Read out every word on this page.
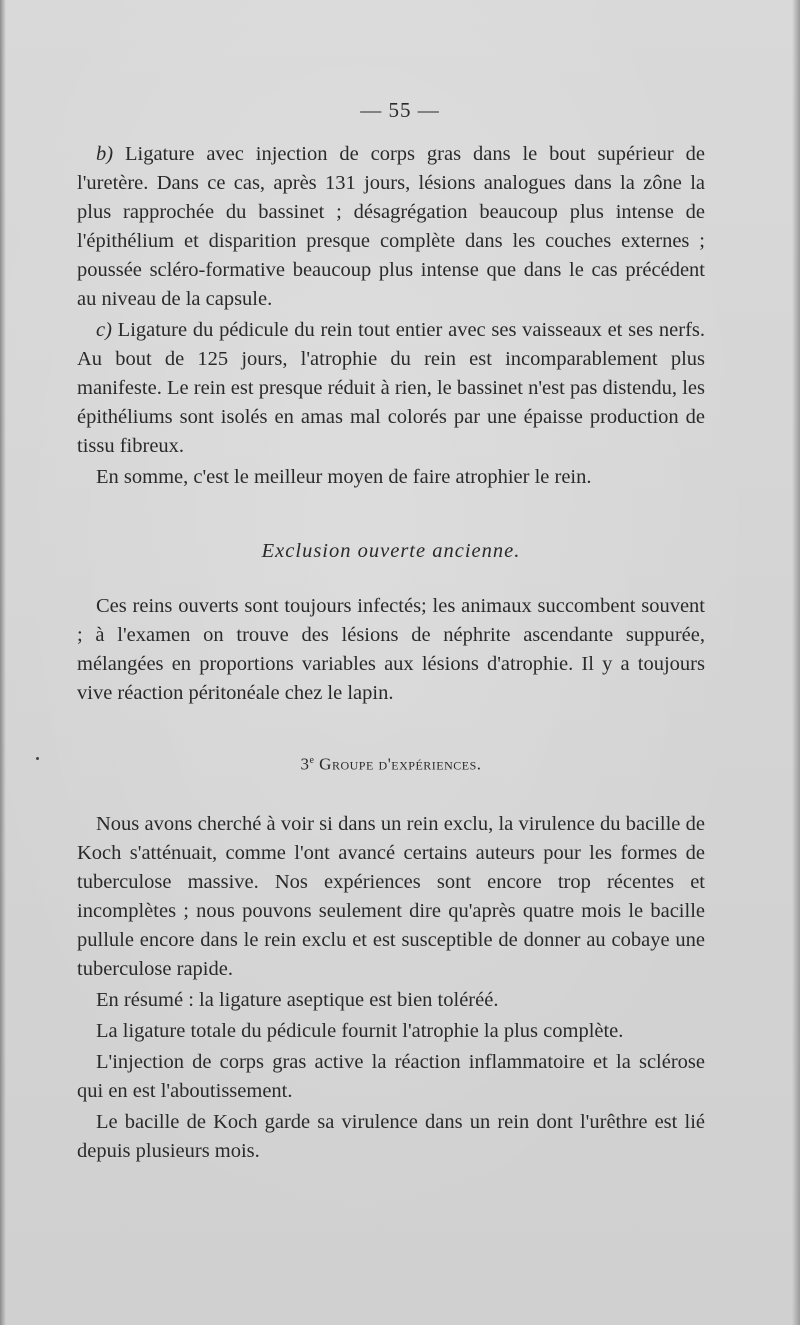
— 55 —

b) Ligature avec injection de corps gras dans le bout supérieur de l'uretère. Dans ce cas, après 131 jours, lésions analogues dans la zône la plus rapprochée du bassinet ; désagrégation beaucoup plus intense de l'épithélium et disparition presque complète dans les couches externes ; poussée scléro-formative beaucoup plus intense que dans le cas précédent au niveau de la capsule.

c) Ligature du pédicule du rein tout entier avec ses vaisseaux et ses nerfs. Au bout de 125 jours, l'atrophie du rein est incomparablement plus manifeste. Le rein est presque réduit à rien, le bassinet n'est pas distendu, les épithéliums sont isolés en amas mal colorés par une épaisse production de tissu fibreux.

En somme, c'est le meilleur moyen de faire atrophier le rein.

Exclusion ouverte ancienne.

Ces reins ouverts sont toujours infectés; les animaux succombent souvent ; à l'examen on trouve des lésions de néphrite ascendante suppurée, mélangées en proportions variables aux lésions d'atrophie. Il y a toujours vive réaction péritonéale chez le lapin.

3e Groupe d'expériences.

Nous avons cherché à voir si dans un rein exclu, la virulence du bacille de Koch s'atténuait, comme l'ont avancé certains auteurs pour les formes de tuberculose massive. Nos expériences sont encore trop récentes et incomplètes ; nous pouvons seulement dire qu'après quatre mois le bacille pullule encore dans le rein exclu et est susceptible de donner au cobaye une tuberculose rapide.

En résumé : la ligature aseptique est bien toléréé.

La ligature totale du pédicule fournit l'atrophie la plus complète.

L'injection de corps gras active la réaction inflammatoire et la sclérose qui en est l'aboutissement.

Le bacille de Koch garde sa virulence dans un rein dont l'urêthre est lié depuis plusieurs mois.
